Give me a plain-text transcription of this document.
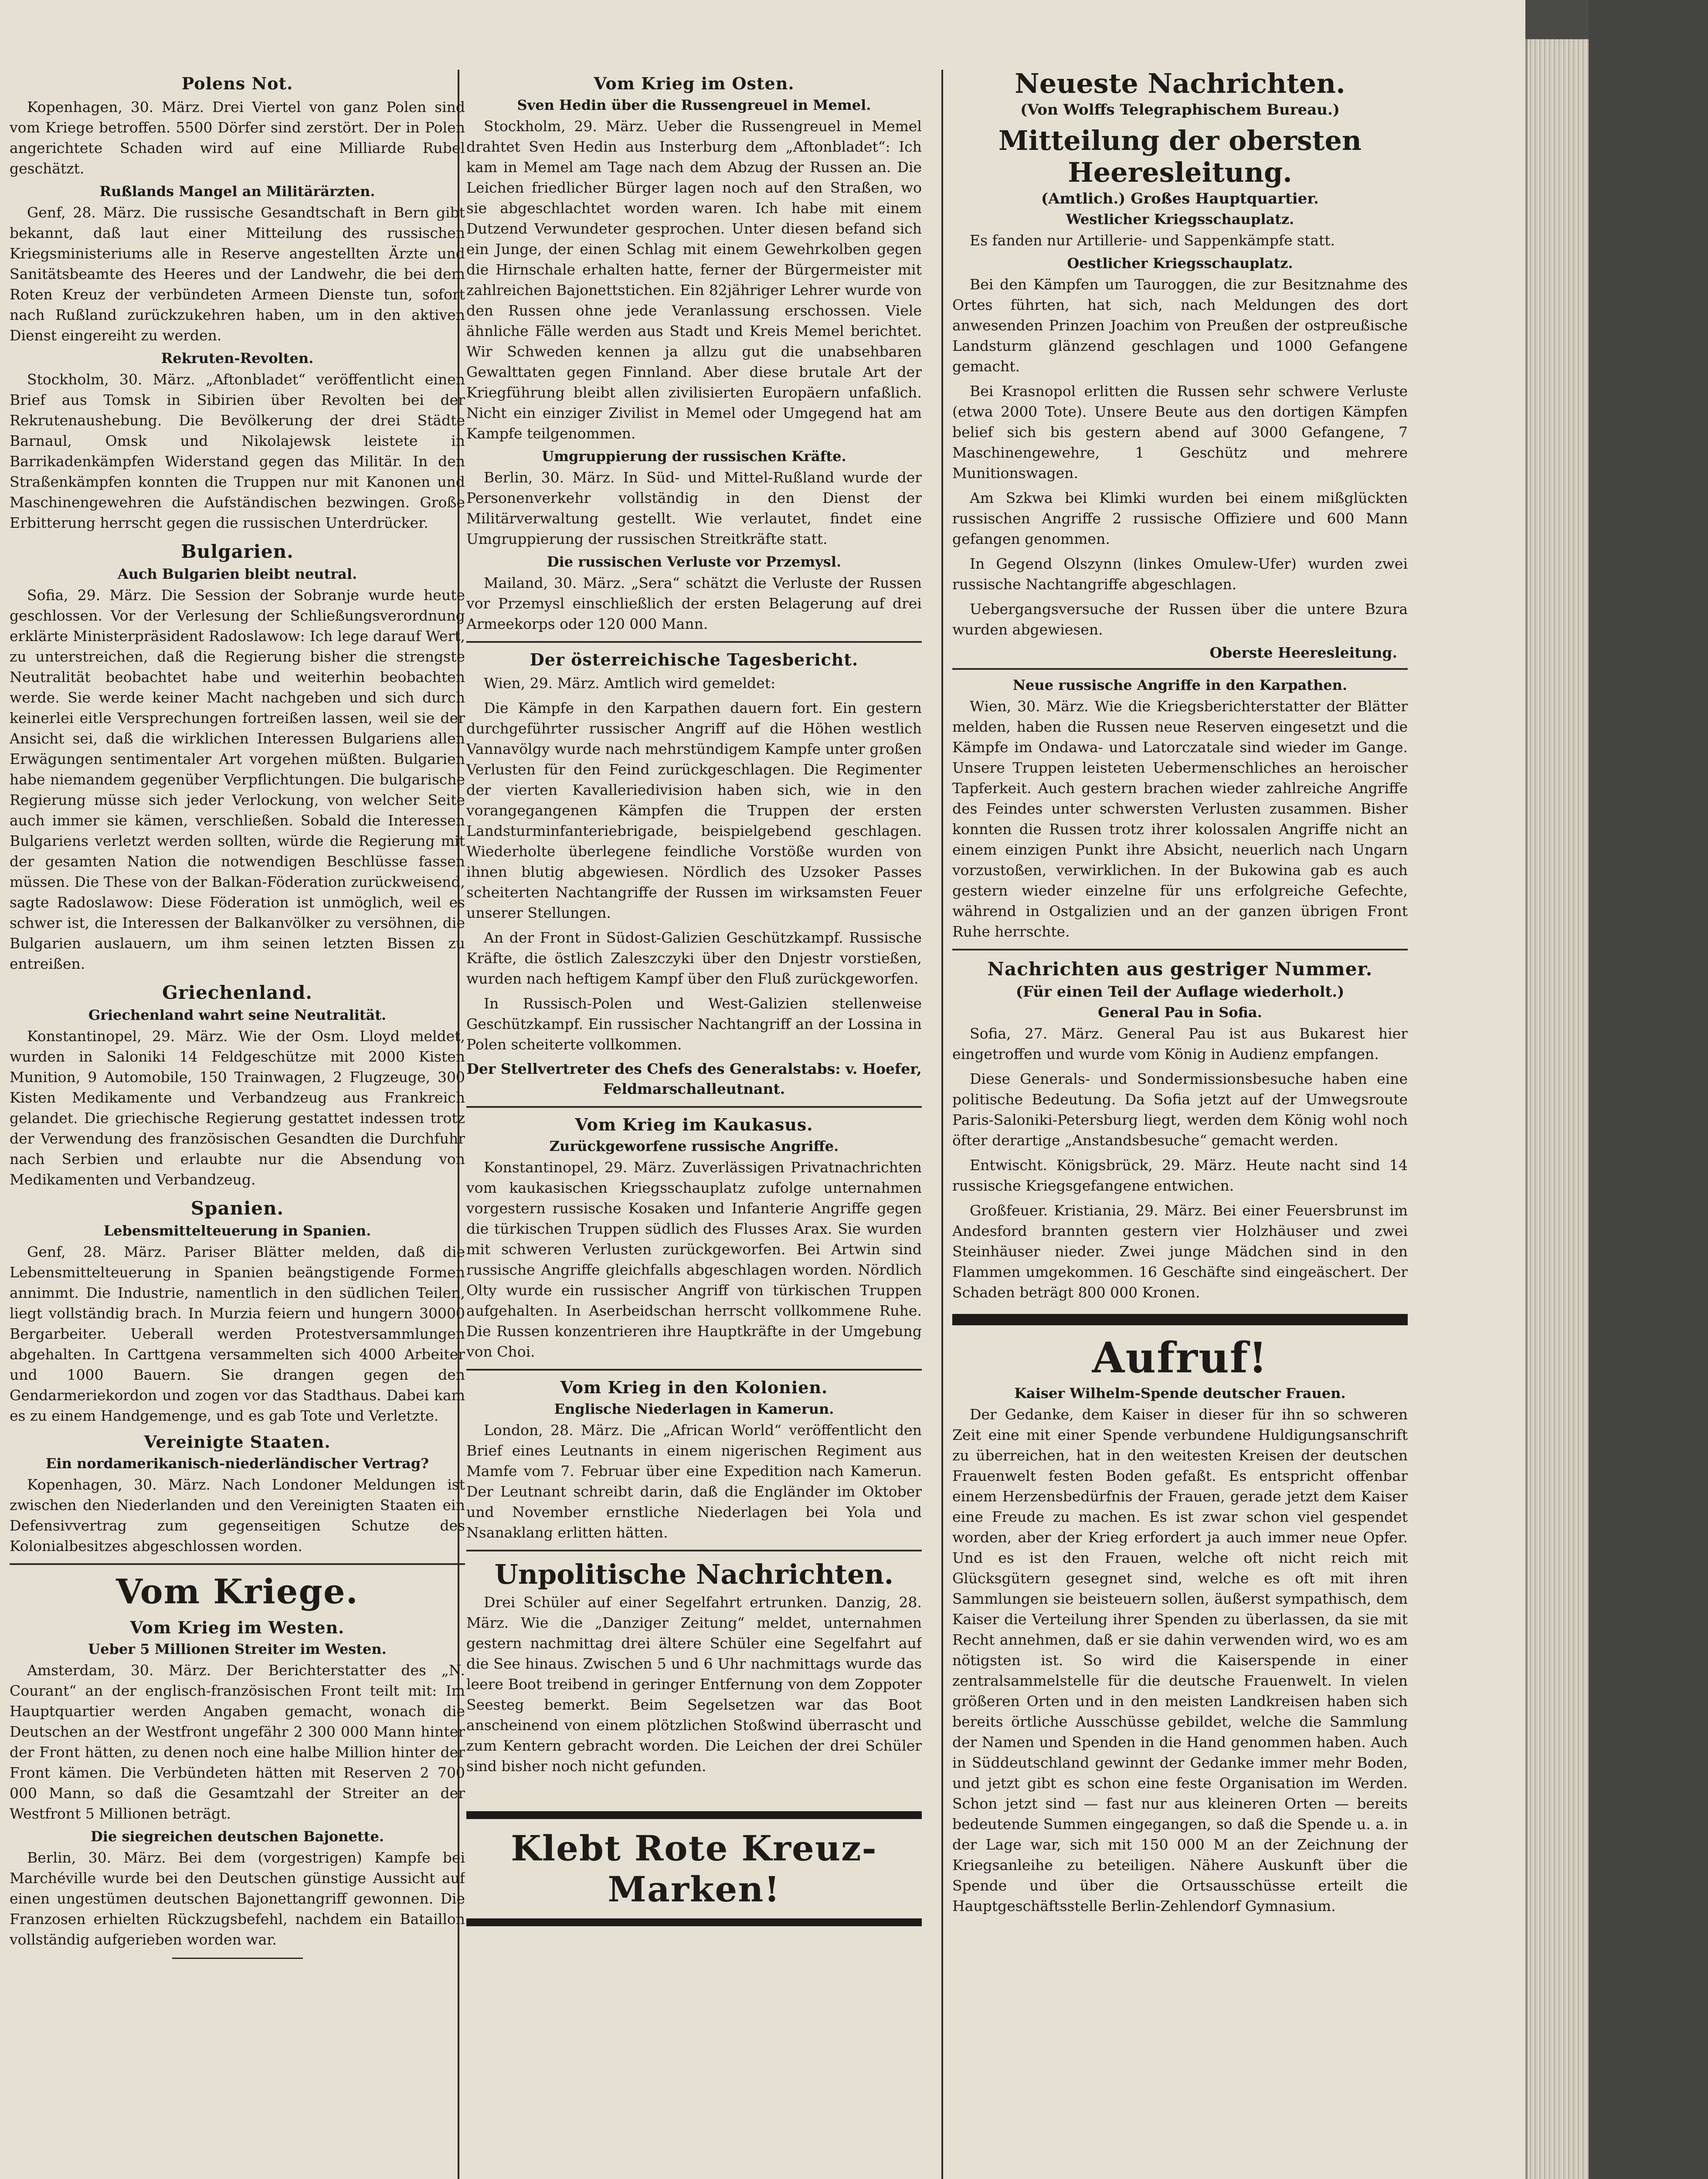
Polens Not.

Kopenhagen, 30. März. Drei Viertel von ganz Polen sind vom Kriege betroffen. 5500 Dörfer sind zerstört. Der in Polen angerichtete Schaden wird auf eine Milliarde Rubel geschätzt.

Rußlands Mangel an Militärärzten.

Genf, 28. März. Die russische Gesandtschaft in Bern gibt bekannt, daß laut einer Mitteilung des russischen Kriegsministeriums alle in Reserve angestellten Ärzte und Sanitätsbeamte des Heeres und der Landwehr, die bei dem Roten Kreuz der verbündeten Armeen Dienste tun, sofort nach Rußland zurückzukehren haben, um in den aktiven Dienst eingereiht zu werden.

Rekruten-Revolten.

Stockholm, 30. März. „Aftonbladet“ veröffentlicht einen Brief aus Tomsk in Sibirien über Revolten bei der Rekrutenaushebung. Die Bevölkerung der drei Städte Barnaul, Omsk und Nikolajewsk leistete in Barrikadenkämpfen Widerstand gegen das Militär. In den Straßenkämpfen konnten die Truppen nur mit Kanonen und Maschinengewehren die Aufständischen bezwingen. Große Erbitterung herrscht gegen die russischen Unterdrücker.

Bulgarien.
Auch Bulgarien bleibt neutral.

Sofia, 29. März. Die Session der Sobranje wurde heute geschlossen. Vor der Verlesung der Schließungsverordnung erklärte Ministerpräsident Radoslawow: Ich lege darauf Wert, zu unterstreichen, daß die Regierung bisher die strengste Neutralität beobachtet habe und weiterhin beobachten werde. Sie werde keiner Macht nachgeben und sich durch keinerlei eitle Versprechungen fortreißen lassen, weil sie der Ansicht sei, daß die wirklichen Interessen Bulgariens allen Erwägungen sentimentaler Art vorgehen müßten. Bulgarien habe niemandem gegenüber Verpflichtungen. Die bulgarische Regierung müsse sich jeder Verlockung, von welcher Seite auch immer sie kämen, verschließen. Sobald die Interessen Bulgariens verletzt werden sollten, würde die Regierung mit der gesamten Nation die notwendigen Beschlüsse fassen müssen. Die These von der Balkan-Föderation zurückweisend, sagte Radoslawow: Diese Föderation ist unmöglich, weil es schwer ist, die Interessen der Balkanvölker zu versöhnen, die Bulgarien auslauern, um ihm seinen letzten Bissen zu entreißen.

Griechenland.
Griechenland wahrt seine Neutralität.

Konstantinopel, 29. März. Wie der Osm. Lloyd meldet, wurden in Saloniki 14 Feldgeschütze mit 2000 Kisten Munition, 9 Automobile, 150 Trainwagen, 2 Flugzeuge, 300 Kisten Medikamente und Verbandzeug aus Frankreich gelandet. Die griechische Regierung gestattet indessen trotz der Verwendung des französischen Gesandten die Durchfuhr nach Serbien und erlaubte nur die Absendung von Medikamenten und Verbandzeug.

Spanien.
Lebensmittelteuerung in Spanien.

Genf, 28. März. Pariser Blätter melden, daß die Lebensmittelteuerung in Spanien beängstigende Formen annimmt. Die Industrie, namentlich in den südlichen Teilen, liegt vollständig brach. In Murzia feiern und hungern 30000 Bergarbeiter. Ueberall werden Protestversammlungen abgehalten. In Carttgena versammelten sich 4000 Arbeiter und 1000 Bauern. Sie drangen gegen den Gendarmeriekordon und zogen vor das Stadthaus. Dabei kam es zu einem Handgemenge, und es gab Tote und Verletzte.

Vereinigte Staaten.
Ein nordamerikanisch-niederländischer Vertrag?

Kopenhagen, 30. März. Nach Londoner Meldungen ist zwischen den Niederlanden und den Vereinigten Staaten ein Defensivvertrag zum gegenseitigen Schutze des Kolonialbesitzes abgeschlossen worden.

Vom Kriege.
Vom Krieg im Westen.
Ueber 5 Millionen Streiter im Westen.

Amsterdam, 30. März. Der Berichterstatter des „N. Courant“ an der englisch-französischen Front teilt mit: Im Hauptquartier werden Angaben gemacht, wonach die Deutschen an der Westfront ungefähr 2 300 000 Mann hinter der Front hätten, zu denen noch eine halbe Million hinter der Front kämen. Die Verbündeten hätten mit Reserven 2 700 000 Mann, so daß die Gesamtzahl der Streiter an der Westfront 5 Millionen beträgt.

Die siegreichen deutschen Bajonette.

Berlin, 30. März. Bei dem (vorgestrigen) Kampfe bei Marchéville wurde bei den Deutschen günstige Aussicht auf einen ungestümen deutschen Bajonettangriff gewonnen. Die Franzosen erhielten Rückzugsbefehl, nachdem ein Bataillon vollständig aufgerieben worden war.

Vom Krieg im Osten.
Sven Hedin über die Russengreuel in Memel.

Stockholm, 29. März. Ueber die Russengreuel in Memel drahtet Sven Hedin aus Insterburg dem „Aftonbladet“: Ich kam in Memel am Tage nach dem Abzug der Russen an. Die Leichen friedlicher Bürger lagen noch auf den Straßen, wo sie abgeschlachtet worden waren. Ich habe mit einem Dutzend Verwundeter gesprochen. Unter diesen befand sich ein Junge, der einen Schlag mit einem Gewehrkolben gegen die Hirnschale erhalten hatte, ferner der Bürgermeister mit zahlreichen Bajonettstichen. Ein 82jähriger Lehrer wurde von den Russen ohne jede Veranlassung erschossen. Viele ähnliche Fälle werden aus Stadt und Kreis Memel berichtet. Wir Schweden kennen ja allzu gut die unabsehbaren Gewalttaten gegen Finnland. Aber diese brutale Art der Kriegführung bleibt allen zivilisierten Europäern unfaßlich. Nicht ein einziger Zivilist in Memel oder Umgegend hat am Kampfe teilgenommen.

Umgruppierung der russischen Kräfte.

Berlin, 30. März. In Süd- und Mittel-Rußland wurde der Personenverkehr vollständig in den Dienst der Militärverwaltung gestellt. Wie verlautet, findet eine Umgruppierung der russischen Streitkräfte statt.

Die russischen Verluste vor Przemysl.

Mailand, 30. März. „Sera“ schätzt die Verluste der Russen vor Przemysl einschließlich der ersten Belagerung auf drei Armeekorps oder 120 000 Mann.

Der österreichische Tagesbericht.

Wien, 29. März. Amtlich wird gemeldet:

Die Kämpfe in den Karpathen dauern fort. Ein gestern durchgeführter russischer Angriff auf die Höhen westlich Vannavölgy wurde nach mehrstündigem Kampfe unter großen Verlusten für den Feind zurückgeschlagen. Die Regimenter der vierten Kavalleriedivision haben sich, wie in den vorangegangenen Kämpfen die Truppen der ersten Landsturminfanteriebrigade, beispielgebend geschlagen. Wiederholte überlegene feindliche Vorstöße wurden von ihnen blutig abgewiesen. Nördlich des Uzsoker Passes scheiterten Nachtangriffe der Russen im wirksamsten Feuer unserer Stellungen.

An der Front in Südost-Galizien Geschützkampf. Russische Kräfte, die östlich Zaleszczyki über den Dnjestr vorstießen, wurden nach heftigem Kampf über den Fluß zurückgeworfen.

In Russisch-Polen und West-Galizien stellenweise Geschützkampf. Ein russischer Nachtangriff an der Lossina in Polen scheiterte vollkommen.

Der Stellvertreter des Chefs des Generalstabs: v. Hoefer, Feldmarschalleutnant.
Vom Krieg im Kaukasus.
Zurückgeworfene russische Angriffe.

Konstantinopel, 29. März. Zuverlässigen Privatnachrichten vom kaukasischen Kriegsschauplatz zufolge unternahmen vorgestern russische Kosaken und Infanterie Angriffe gegen die türkischen Truppen südlich des Flusses Arax. Sie wurden mit schweren Verlusten zurückgeworfen. Bei Artwin sind russische Angriffe gleichfalls abgeschlagen worden. Nördlich Olty wurde ein russischer Angriff von türkischen Truppen aufgehalten. In Aserbeidschan herrscht vollkommene Ruhe. Die Russen konzentrieren ihre Hauptkräfte in der Umgebung von Choi.

Vom Krieg in den Kolonien.
Englische Niederlagen in Kamerun.

London, 28. März. Die „African World“ veröffentlicht den Brief eines Leutnants in einem nigerischen Regiment aus Mamfe vom 7. Februar über eine Expedition nach Kamerun. Der Leutnant schreibt darin, daß die Engländer im Oktober und November ernstliche Niederlagen bei Yola und Nsanaklang erlitten hätten.

Unpolitische Nachrichten.

Drei Schüler auf einer Segelfahrt ertrunken. Danzig, 28. März. Wie die „Danziger Zeitung“ meldet, unternahmen gestern nachmittag drei ältere Schüler eine Segelfahrt auf die See hinaus. Zwischen 5 und 6 Uhr nachmittags wurde das leere Boot treibend in geringer Entfernung von dem Zoppoter Seesteg bemerkt. Beim Segelsetzen war das Boot anscheinend von einem plötzlichen Stoßwind überrascht und zum Kentern gebracht worden. Die Leichen der drei Schüler sind bisher noch nicht gefunden.

Klebt Rote Kreuz-Marken!
Neueste Nachrichten.
(Von Wolffs Telegraphischem Bureau.)
Mitteilung der obersten Heeresleitung.
(Amtlich.) Großes Hauptquartier.
Westlicher Kriegsschauplatz.

Es fanden nur Artillerie- und Sappenkämpfe statt.

Oestlicher Kriegsschauplatz.

Bei den Kämpfen um Tauroggen, die zur Besitznahme des Ortes führten, hat sich, nach Meldungen des dort anwesenden Prinzen Joachim von Preußen der ostpreußische Landsturm glänzend geschlagen und 1000 Gefangene gemacht.

Bei Krasnopol erlitten die Russen sehr schwere Verluste (etwa 2000 Tote). Unsere Beute aus den dortigen Kämpfen belief sich bis gestern abend auf 3000 Gefangene, 7 Maschinengewehre, 1 Geschütz und mehrere Munitionswagen.

Am Szkwa bei Klimki wurden bei einem mißglückten russischen Angriffe 2 russische Offiziere und 600 Mann gefangen genommen.

In Gegend Olszynn (linkes Omulew-Ufer) wurden zwei russische Nachtangriffe abgeschlagen.

Uebergangsversuche der Russen über die untere Bzura wurden abgewiesen.

Oberste Heeresleitung.
Neue russische Angriffe in den Karpathen.

Wien, 30. März. Wie die Kriegsberichterstatter der Blätter melden, haben die Russen neue Reserven eingesetzt und die Kämpfe im Ondawa- und Latorczatale sind wieder im Gange. Unsere Truppen leisteten Uebermenschliches an heroischer Tapferkeit. Auch gestern brachen wieder zahlreiche Angriffe des Feindes unter schwersten Verlusten zusammen. Bisher konnten die Russen trotz ihrer kolossalen Angriffe nicht an einem einzigen Punkt ihre Absicht, neuerlich nach Ungarn vorzustoßen, verwirklichen. In der Bukowina gab es auch gestern wieder einzelne für uns erfolgreiche Gefechte, während in Ostgalizien und an der ganzen übrigen Front Ruhe herrschte.

Nachrichten aus gestriger Nummer.
(Für einen Teil der Auflage wiederholt.)
General Pau in Sofia.

Sofia, 27. März. General Pau ist aus Bukarest hier eingetroffen und wurde vom König in Audienz empfangen.

Diese Generals- und Sondermissionsbesuche haben eine politische Bedeutung. Da Sofia jetzt auf der Umwegsroute Paris-Saloniki-Petersburg liegt, werden dem König wohl noch öfter derartige „Anstandsbesuche“ gemacht werden.

Entwischt. Königsbrück, 29. März. Heute nacht sind 14 russische Kriegsgefangene entwichen.

Großfeuer. Kristiania, 29. März. Bei einer Feuersbrunst im Andesford brannten gestern vier Holzhäuser und zwei Steinhäuser nieder. Zwei junge Mädchen sind in den Flammen umgekommen. 16 Geschäfte sind eingeäschert. Der Schaden beträgt 800 000 Kronen.

Aufruf!
Kaiser Wilhelm-Spende deutscher Frauen.

Der Gedanke, dem Kaiser in dieser für ihn so schweren Zeit eine mit einer Spende verbundene Huldigungsanschrift zu überreichen, hat in den weitesten Kreisen der deutschen Frauenwelt festen Boden gefaßt. Es entspricht offenbar einem Herzensbedürfnis der Frauen, gerade jetzt dem Kaiser eine Freude zu machen. Es ist zwar schon viel gespendet worden, aber der Krieg erfordert ja auch immer neue Opfer. Und es ist den Frauen, welche oft nicht reich mit Glücksgütern gesegnet sind, welche es oft mit ihren Sammlungen sie beisteuern sollen, äußerst sympathisch, dem Kaiser die Verteilung ihrer Spenden zu überlassen, da sie mit Recht annehmen, daß er sie dahin verwenden wird, wo es am nötigsten ist. So wird die Kaiserspende in einer zentralsammelstelle für die deutsche Frauenwelt. In vielen größeren Orten und in den meisten Landkreisen haben sich bereits örtliche Ausschüsse gebildet, welche die Sammlung der Namen und Spenden in die Hand genommen haben. Auch in Süddeutschland gewinnt der Gedanke immer mehr Boden, und jetzt gibt es schon eine feste Organisation im Werden. Schon jetzt sind — fast nur aus kleineren Orten — bereits bedeutende Summen eingegangen, so daß die Spende u. a. in der Lage war, sich mit 150 000 M an der Zeichnung der Kriegsanleihe zu beteiligen. Nähere Auskunft über die Spende und über die Ortsausschüsse erteilt die Hauptgeschäftsstelle Berlin-Zehlendorf Gymnasium.
